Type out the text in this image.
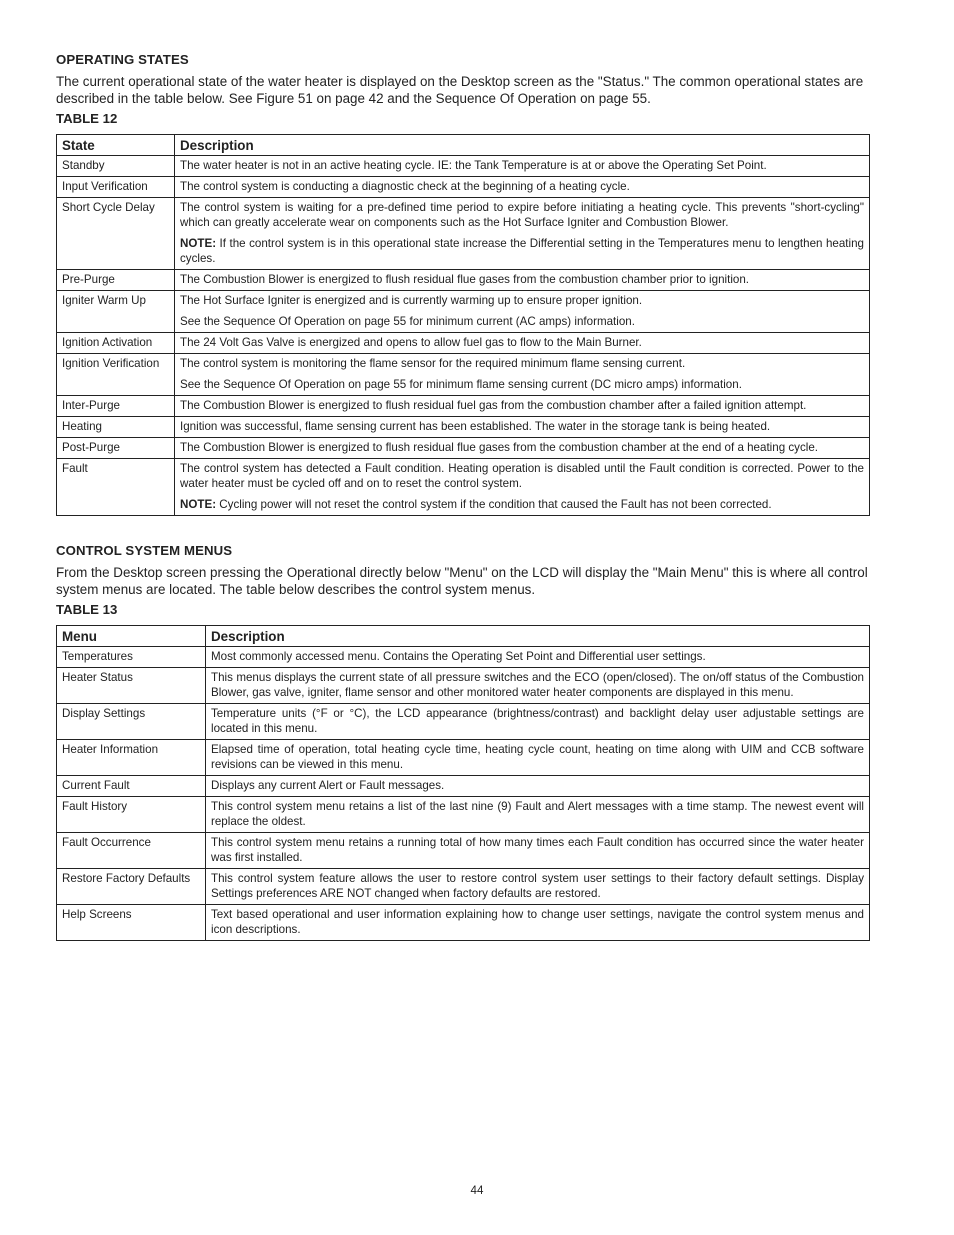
OPERATING STATES

The current operational state of the water heater is displayed on the Desktop screen as the "Status." The common operational states are described in the table below. See Figure 51 on page 42 and the Sequence Of Operation on page 55.

TABLE 12
State	Description
Standby	The water heater is not in an active heating cycle. IE: the Tank Temperature is at or above the Operating Set Point.

Input Verification	The control system is conducting a diagnostic check at the beginning of a heating cycle.

Short Cycle Delay	The control system is waiting for a pre-defined time period to expire before initiating a heating cycle. This prevents "short-cycling" which can greatly accelerate wear on components such as the Hot Surface Igniter and Combustion Blower.
NOTE: If the control system is in this operational state increase the Differential setting in the Temperatures menu to lengthen heating cycles.

Pre-Purge	The Combustion Blower is energized to flush residual flue gases from the combustion chamber prior to ignition.

Igniter Warm Up	The Hot Surface Igniter is energized and is currently warming up to ensure proper ignition.
See the Sequence Of Operation on page 55 for minimum current (AC amps) information.

Ignition Activation	The 24 Volt Gas Valve is energized and opens to allow fuel gas to flow to the Main Burner.

Ignition Verification	The control system is monitoring the flame sensor for the required minimum flame sensing current.
See the Sequence Of Operation on page 55 for minimum flame sensing current (DC micro amps) information.

Inter-Purge	The Combustion Blower is energized to flush residual fuel gas from the combustion chamber after a failed ignition attempt.

Heating	Ignition was successful, flame sensing current has been established. The water in the storage tank is being heated.

Post-Purge	The Combustion Blower is energized to flush residual flue gases from the combustion chamber at the end of a heating cycle.

Fault	The control system has detected a Fault condition. Heating operation is disabled until the Fault condition is corrected. Power to the water heater must be cycled off and on to reset the control system.
NOTE: Cycling power will not reset the control system if the condition that caused the Fault has not been corrected.
CONTROL SYSTEM MENUS

From the Desktop screen pressing the Operational directly below "Menu" on the LCD will display the "Main Menu" this is where all control system menus are located. The table below describes the control system menus.

TABLE 13
Menu	Description
Temperatures	Most commonly accessed menu. Contains the Operating Set Point and Differential user settings.
Heater Status	This menus displays the current state of all pressure switches and the ECO (open/closed). The on/off status of the Combustion Blower, gas valve, igniter, flame sensor and other monitored water heater components are displayed in this menu.
Display Settings	Temperature units (°F or °C), the LCD appearance (brightness/contrast) and backlight delay user adjustable settings are located in this menu.
Heater Information	Elapsed time of operation, total heating cycle time, heating cycle count, heating on time along with UIM and CCB software revisions can be viewed in this menu.
Current Fault	Displays any current Alert or Fault messages.
Fault History	This control system menu retains a list of the last nine (9) Fault and Alert messages with a time stamp. The newest event will replace the oldest.
Fault Occurrence	This control system menu retains a running total of how many times each Fault condition has occurred since the water heater was first installed.
Restore Factory Defaults	This control system feature allows the user to restore control system user settings to their factory default settings. Display Settings preferences ARE NOT changed when factory defaults are restored.
Help Screens	Text based operational and user information explaining how to change user settings, navigate the control system menus and icon descriptions.
44
